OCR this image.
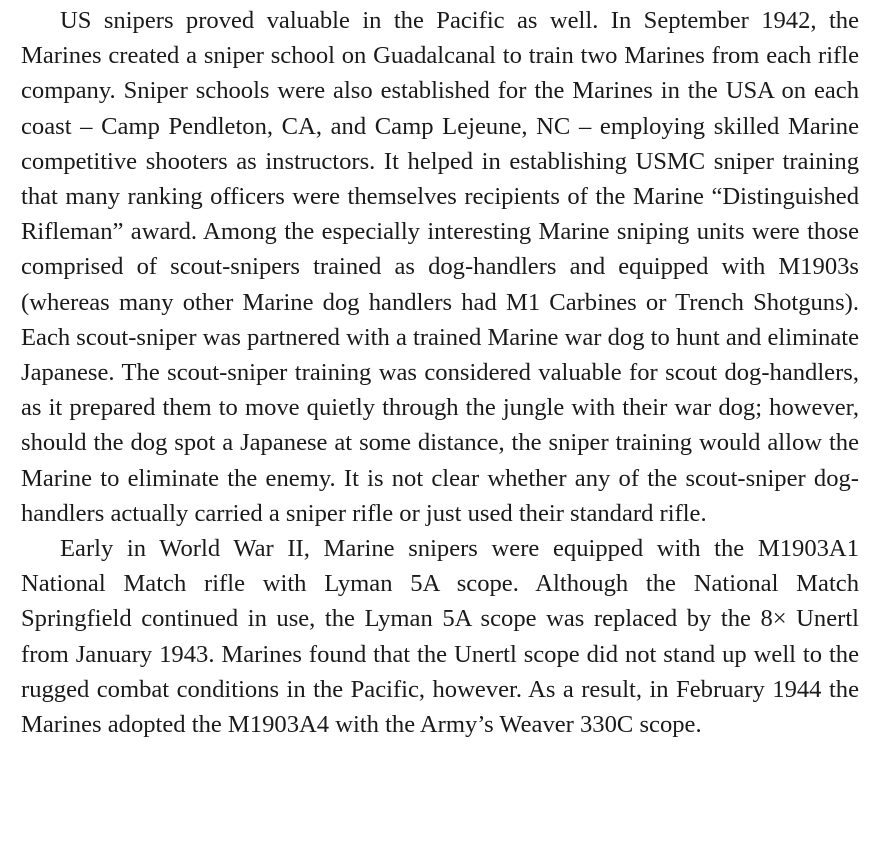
US snipers proved valuable in the Pacific as well. In September 1942, the Marines created a sniper school on Guadalcanal to train two Marines from each rifle company. Sniper schools were also established for the Marines in the USA on each coast – Camp Pendleton, CA, and Camp Lejeune, NC – employing skilled Marine competitive shooters as instructors. It helped in establishing USMC sniper training that many ranking officers were themselves recipients of the Marine “Distinguished Rifleman” award. Among the especially interesting Marine sniping units were those comprised of scout-snipers trained as dog-handlers and equipped with M1903s (whereas many other Marine dog handlers had M1 Carbines or Trench Shotguns). Each scout-sniper was partnered with a trained Marine war dog to hunt and eliminate Japanese. The scout-sniper training was considered valuable for scout dog-handlers, as it prepared them to move quietly through the jungle with their war dog; however, should the dog spot a Japanese at some distance, the sniper training would allow the Marine to eliminate the enemy. It is not clear whether any of the scout-sniper dog-handlers actually carried a sniper rifle or just used their standard rifle.

Early in World War II, Marine snipers were equipped with the M1903A1 National Match rifle with Lyman 5A scope. Although the National Match Springfield continued in use, the Lyman 5A scope was replaced by the 8× Unertl from January 1943. Marines found that the Unertl scope did not stand up well to the rugged combat conditions in the Pacific, however. As a result, in February 1944 the Marines adopted the M1903A4 with the Army’s Weaver 330C scope.
